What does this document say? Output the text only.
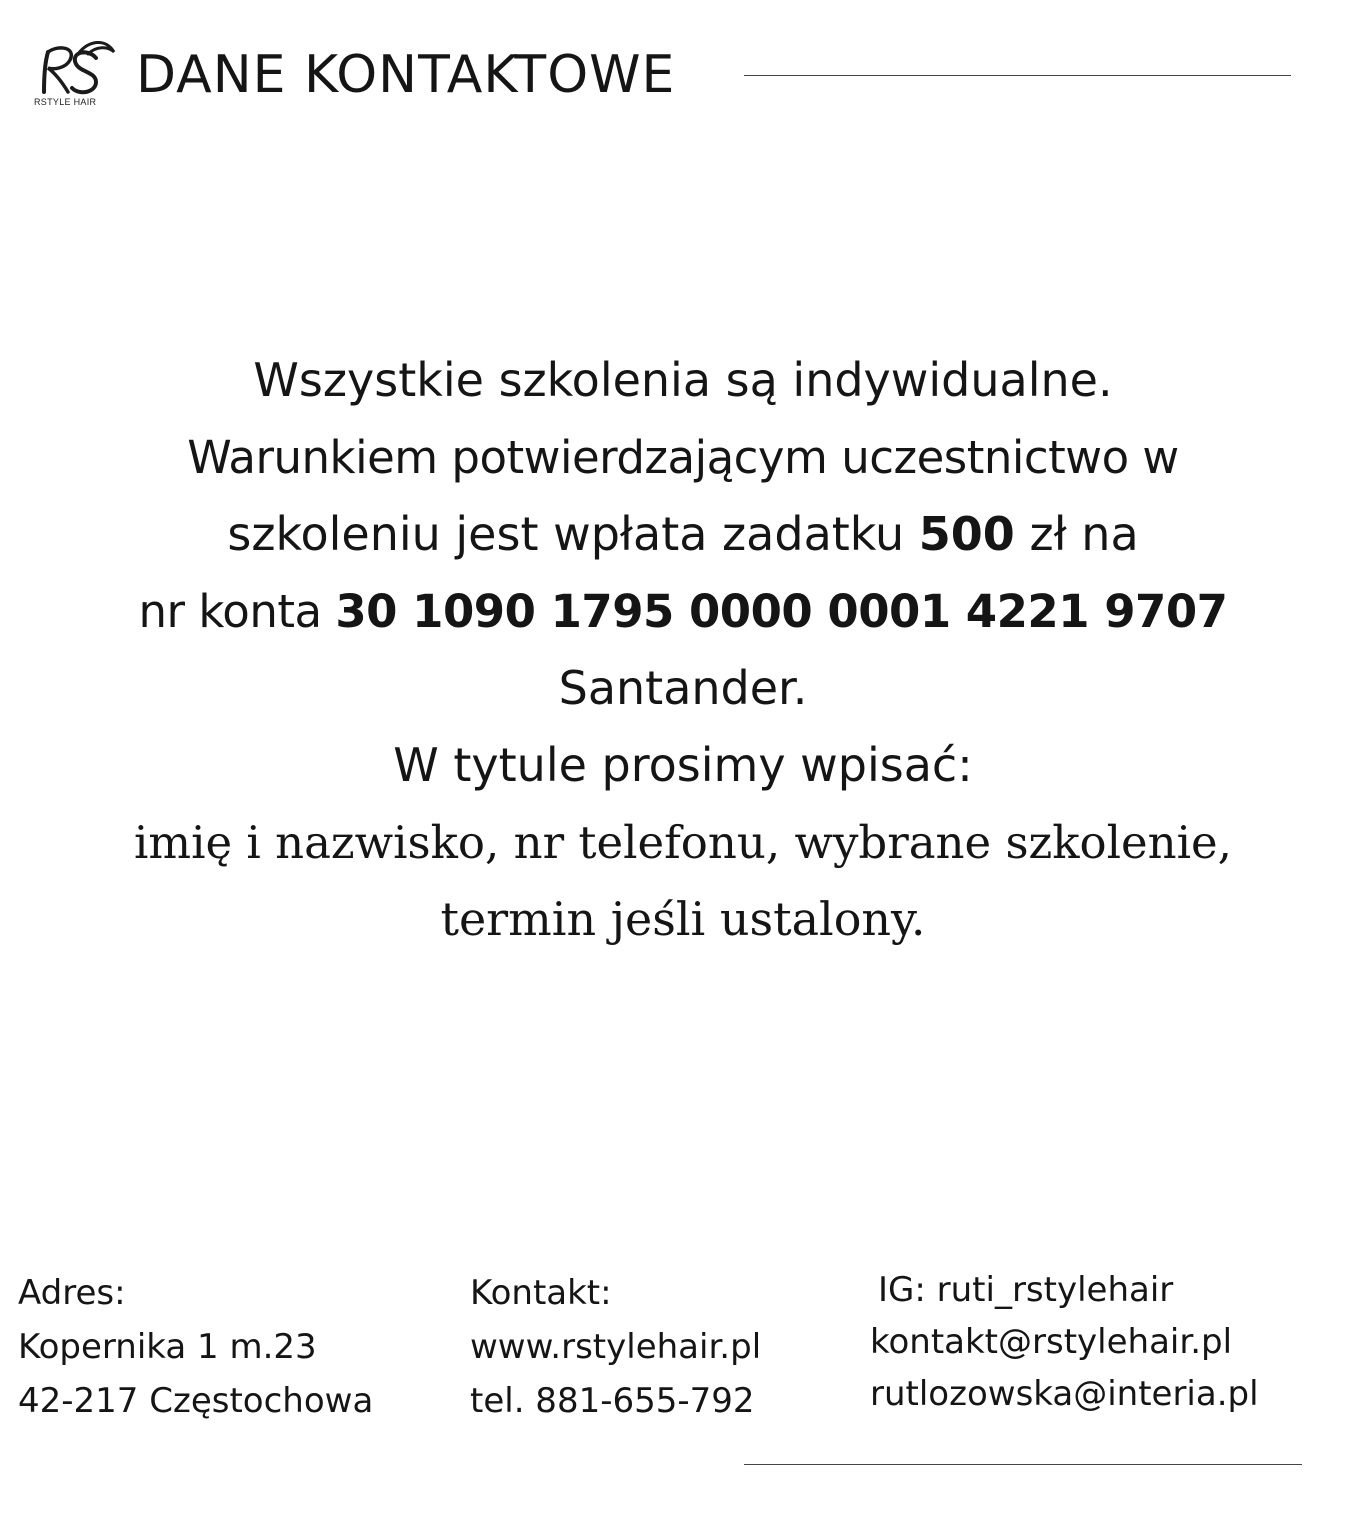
RSTYLE HAIR DANE KONTAKTOWE
Wszystkie szkolenia są indywidualne.
Warunkiem potwierdzającym uczestnictwo w
szkoleniu jest wpłata zadatku 500 zł na
nr konta 30 1090 1795 0000 0001 4221 9707
Santander.
W tytule prosimy wpisać:
imię i nazwisko, nr telefonu, wybrane szkolenie,
termin jeśli ustalony.
Adres:
Kopernika 1 m.23
42-217 Częstochowa
Kontakt:
www.rstylehair.pl
tel. 881-655-792
IG: ruti_rstylehair
kontakt@rstylehair.pl
rutlozowska@interia.pl
